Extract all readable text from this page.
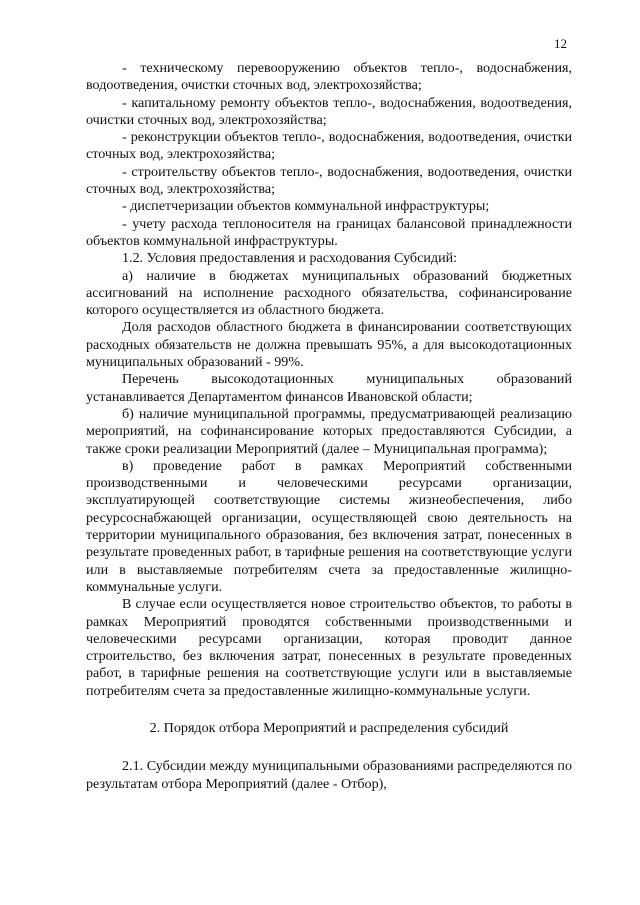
12

- техническому перевооружению объектов тепло-, водоснабжения, водоотведения, очистки сточных вод, электрохозяйства;

- капитальному ремонту объектов тепло-, водоснабжения, водоотведения, очистки сточных вод, электрохозяйства;

- реконструкции объектов тепло-, водоснабжения, водоотведения, очистки сточных вод, электрохозяйства;

- строительству объектов тепло-, водоснабжения, водоотведения, очистки сточных вод, электрохозяйства;

- диспетчеризации объектов коммунальной инфраструктуры;

- учету расхода теплоносителя на границах балансовой принадлежности объектов коммунальной инфраструктуры.

1.2. Условия предоставления и расходования Субсидий:

а) наличие в бюджетах муниципальных образований бюджетных ассигнований на исполнение расходного обязательства, софинансирование которого осуществляется из областного бюджета.

Доля расходов областного бюджета в финансировании соответствующих расходных обязательств не должна превышать 95%, а для высокодотационных муниципальных образований - 99%.

Перечень высокодотационных муниципальных образований устанавливается Департаментом финансов Ивановской области;

б) наличие муниципальной программы, предусматривающей реализацию мероприятий, на софинансирование которых предоставляются Субсидии, а также сроки реализации Мероприятий (далее – Муниципальная программа);

в) проведение работ в рамках Мероприятий собственными производственными и человеческими ресурсами организации, эксплуатирующей соответствующие системы жизнеобеспечения, либо ресурсоснабжающей организации, осуществляющей свою деятельность на территории муниципального образования, без включения затрат, понесенных в результате проведенных работ, в тарифные решения на соответствующие услуги или в выставляемые потребителям счета за предоставленные жилищно-коммунальные услуги.

В случае если осуществляется новое строительство объектов, то работы в рамках Мероприятий проводятся собственными производственными и человеческими ресурсами организации, которая проводит данное строительство, без включения затрат, понесенных в результате проведенных работ, в тарифные решения на соответствующие услуги или в выставляемые потребителям счета за предоставленные жилищно-коммунальные услуги.

2. Порядок отбора Мероприятий и распределения субсидий

2.1. Субсидии между муниципальными образованиями распределяются по результатам отбора Мероприятий (далее - Отбор),
